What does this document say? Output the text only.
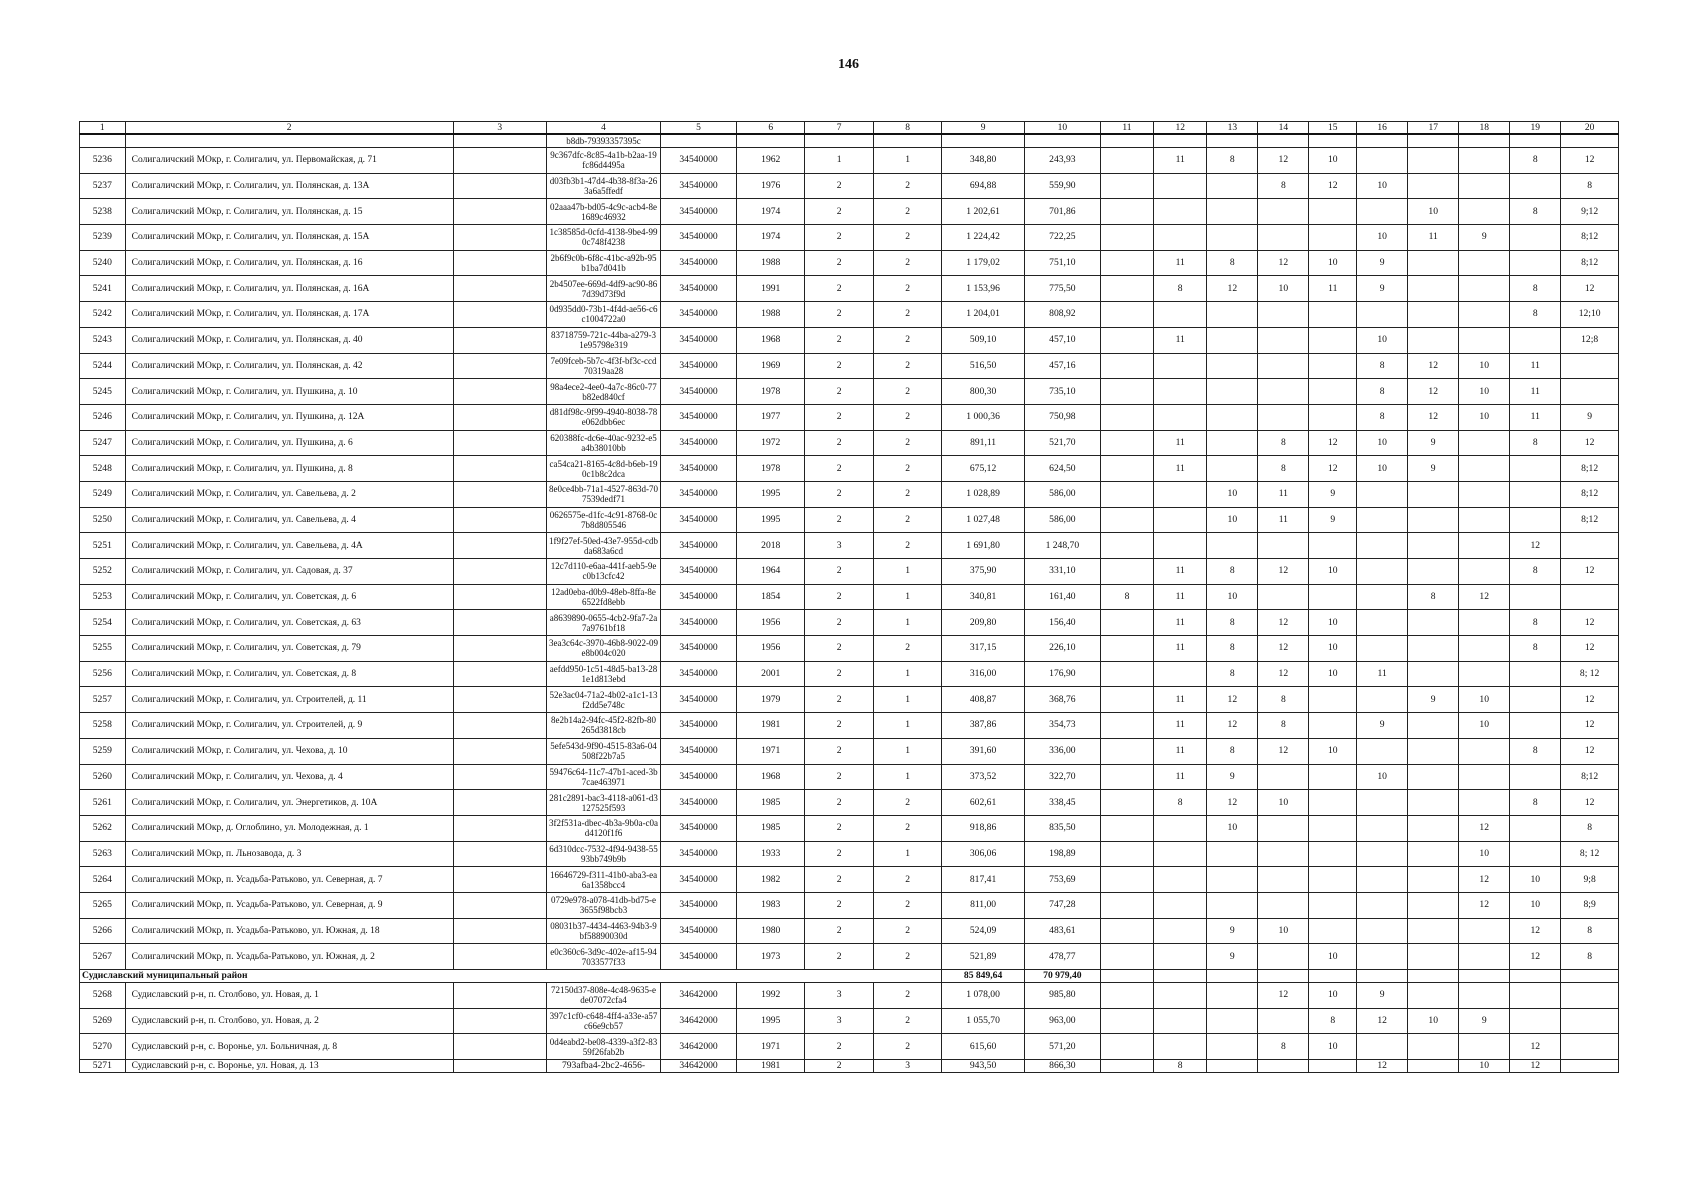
146
1	2	3	4	5	6	7	8	9	10	11	12	13	14	15	16	17	18	19	20
			b8db-79393357395c																
5236	Солигаличский МОкр, г. Солигалич, ул. Первомайская, д. 71		9c367dfc-8c85-4a1b-b2aa-19fc86d4495a	34540000	1962	1	1	348,80	243,93		11	8	12	10				8	12
5237	Солигаличский МОкр, г. Солигалич, ул. Полянская, д. 13А		d03fb3b1-47d4-4b38-8f3a-263a6a5ffedf	34540000	1976	2	2	694,88	559,90				8	12	10				8
5238	Солигаличский МОкр, г. Солигалич, ул. Полянская, д. 15		02aaa47b-bd05-4c9c-acb4-8e1689c46932	34540000	1974	2	2	1 202,61	701,86							10		8	9;12
5239	Солигаличский МОкр, г. Солигалич, ул. Полянская, д. 15А		1c38585d-0cfd-4138-9be4-990c748f4238	34540000	1974	2	2	1 224,42	722,25						10	11	9		8;12
5240	Солигаличский МОкр, г. Солигалич, ул. Полянская, д. 16		2b6f9c0b-6f8c-41bc-a92b-95b1ba7d041b	34540000	1988	2	2	1 179,02	751,10		11	8	12	10	9				8;12
5241	Солигаличский МОкр, г. Солигалич, ул. Полянская, д. 16А		2b4507ee-669d-4df9-ac90-867d39d73f9d	34540000	1991	2	2	1 153,96	775,50		8	12	10	11	9			8	12
5242	Солигаличский МОкр, г. Солигалич, ул. Полянская, д. 17А		0d935dd0-73b1-4f4d-ae56-c6c1004722a0	34540000	1988	2	2	1 204,01	808,92									8	12;10
5243	Солигаличский МОкр, г. Солигалич, ул. Полянская, д. 40		83718759-721c-44ba-a279-31e95798e319	34540000	1968	2	2	509,10	457,10		11				10				12;8
5244	Солигаличский МОкр, г. Солигалич, ул. Полянская, д. 42		7e09fceb-5b7c-4f3f-bf3c-ccd70319aa28	34540000	1969	2	2	516,50	457,16						8	12	10	11	
5245	Солигаличский МОкр, г. Солигалич, ул. Пушкина, д. 10		98a4ece2-4ee0-4a7c-86c0-77b82ed840cf	34540000	1978	2	2	800,30	735,10						8	12	10	11	
5246	Солигаличский МОкр, г. Солигалич, ул. Пушкина, д. 12А		d81df98c-9f99-4940-8038-78e062dbb6ec	34540000	1977	2	2	1 000,36	750,98						8	12	10	11	9
5247	Солигаличский МОкр, г. Солигалич, ул. Пушкина, д. 6		620388fc-dc6e-40ac-9232-e5a4b38010bb	34540000	1972	2	2	891,11	521,70		11		8	12	10	9		8	12
5248	Солигаличский МОкр, г. Солигалич, ул. Пушкина, д. 8		ca54ca21-8165-4c8d-b6eb-190c1b8c2dca	34540000	1978	2	2	675,12	624,50		11		8	12	10	9			8;12
5249	Солигаличский МОкр, г. Солигалич, ул. Савельева, д. 2		8e0ce4bb-71a1-4527-863d-707539dedf71	34540000	1995	2	2	1 028,89	586,00			10	11	9					8;12
5250	Солигаличский МОкр, г. Солигалич, ул. Савельева, д. 4		0626575e-d1fc-4c91-8768-0c7b8d805546	34540000	1995	2	2	1 027,48	586,00			10	11	9					8;12
5251	Солигаличский МОкр, г. Солигалич, ул. Савельева, д. 4А		1f9f27ef-50ed-43e7-955d-cdbda683a6cd	34540000	2018	3	2	1 691,80	1 248,70									12	
5252	Солигаличский МОкр, г. Солигалич, ул. Садовая, д. 37		12c7d110-e6aa-441f-aeb5-9ec0b13cfc42	34540000	1964	2	1	375,90	331,10		11	8	12	10				8	12
5253	Солигаличский МОкр, г. Солигалич, ул. Советская, д. 6		12ad0eba-d0b9-48eb-8ffa-8e6522fd8ebb	34540000	1854	2	1	340,81	161,40	8	11	10				8	12		
5254	Солигаличский МОкр, г. Солигалич, ул. Советская, д. 63		a8639890-0655-4cb2-9fa7-2a7a9761bf18	34540000	1956	2	1	209,80	156,40		11	8	12	10				8	12
5255	Солигаличский МОкр, г. Солигалич, ул. Советская, д. 79		3ea3c64c-3970-46b8-9022-09e8b004c020	34540000	1956	2	2	317,15	226,10		11	8	12	10				8	12
5256	Солигаличский МОкр, г. Солигалич, ул. Советская, д. 8		aefdd950-1c51-48d5-ba13-281e1d813ebd	34540000	2001	2	1	316,00	176,90			8	12	10	11				8; 12
5257	Солигаличский МОкр, г. Солигалич, ул. Строителей, д. 11		52e3ac04-71a2-4b02-a1c1-13f2dd5e748c	34540000	1979	2	1	408,87	368,76		11	12	8			9	10		12
5258	Солигаличский МОкр, г. Солигалич, ул. Строителей, д. 9		8e2b14a2-94fc-45f2-82fb-80265d3818cb	34540000	1981	2	1	387,86	354,73		11	12	8		9		10		12
5259	Солигаличский МОкр, г. Солигалич, ул. Чехова, д. 10		5efe543d-9f90-4515-83a6-04508f22b7a5	34540000	1971	2	1	391,60	336,00		11	8	12	10				8	12
5260	Солигаличский МОкр, г. Солигалич, ул. Чехова, д. 4		59476c64-11c7-47b1-aced-3b7cae463971	34540000	1968	2	1	373,52	322,70		11	9			10				8;12
5261	Солигаличский МОкр, г. Солигалич, ул. Энергетиков, д. 10А		281c2891-bac3-4118-a061-d3127525f593	34540000	1985	2	2	602,61	338,45		8	12	10					8	12
5262	Солигаличский МОкр, д. Оглоблино, ул. Молодежная, д. 1		3f2f531a-dbec-4b3a-9b0a-c0ad4120f1f6	34540000	1985	2	2	918,86	835,50			10					12		8
5263	Солигаличский МОкр, п. Льнозавода, д. 3		6d310dcc-7532-4f94-9438-5593bb749b9b	34540000	1933	2	1	306,06	198,89								10		8; 12
5264	Солигаличский МОкр, п. Усадьба-Ратьково, ул. Северная, д. 7		16646729-f311-41b0-aba3-ea6a1358bcc4	34540000	1982	2	2	817,41	753,69								12	10	9;8
5265	Солигаличский МОкр, п. Усадьба-Ратьково, ул. Северная, д. 9		0729e978-a078-41db-bd75-e3655f98bcb3	34540000	1983	2	2	811,00	747,28								12	10	8;9
5266	Солигаличский МОкр, п. Усадьба-Ратьково, ул. Южная, д. 18		08031b37-4434-4463-94b3-9bf58890030d	34540000	1980	2	2	524,09	483,61			9	10					12	8
5267	Солигаличский МОкр, п. Усадьба-Ратьково, ул. Южная, д. 2		e0c360c6-3d9c-402e-af15-947033577f33	34540000	1973	2	2	521,89	478,77			9		10				12	8
Судиславский муниципальный район								85 849,64	70 979,40										
5268	Судиславский р-н, п. Столбово, ул. Новая, д. 1		72150d37-808e-4c48-9635-ede07072cfa4	34642000	1992	3	2	1 078,00	985,80				12	10	9				
5269	Судиславский р-н, п. Столбово, ул. Новая, д. 2		397c1cf0-c648-4ff4-a33e-a57c66e9cb57	34642000	1995	3	2	1 055,70	963,00					8	12	10	9		
5270	Судиславский р-н, с. Воронье, ул. Больничная, д. 8		0d4eabd2-be08-4339-a3f2-8359f26fab2b	34642000	1971	2	2	615,60	571,20				8	10				12	
5271	Судиславский р-н, с. Воронье, ул. Новая, д. 13		793afba4-2bc2-4656-	34642000	1981	2	3	943,50	866,30		8				12		10	12	
